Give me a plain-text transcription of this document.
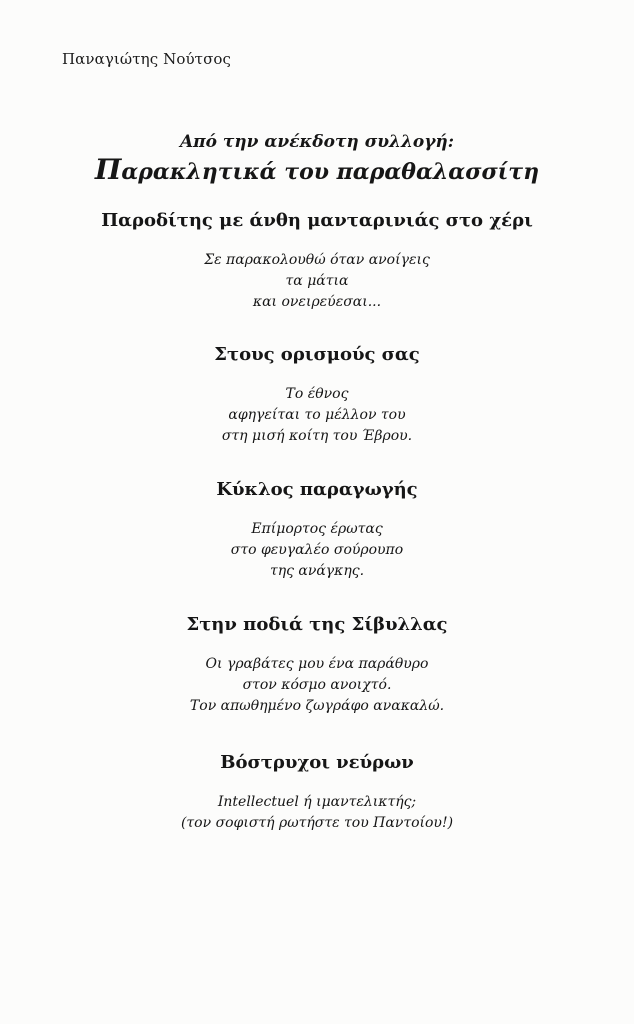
Παναγιώτης Νούτσος
Από την ανέκδοτη συλλογή:
Παρακλητικά του παραθαλασσίτη
Παροδίτης με άνθη μανταρινιάς στο χέρι
Σε παρακολουθώ όταν ανοίγεις
τα μάτια
και ονειρεύεσαι...
Στους ορισμούς σας
Το έθνος
αφηγείται το μέλλον του
στη μισή κοίτη του Έβρου.
Κύκλος παραγωγής
Επίμορτος έρωτας
στο φευγαλέο σούρουπο
της ανάγκης.
Στην ποδιά της Σίβυλλας
Οι γραβάτες μου ένα παράθυρο
στον κόσμο ανοιχτό.
Τον απωθημένο ζωγράφο ανακαλώ.
Βόστρυχοι νεύρων
Intellectuel ή ιμαντελικτής;
(τον σοφιστή ρωτήστε του Παντοίου!)
